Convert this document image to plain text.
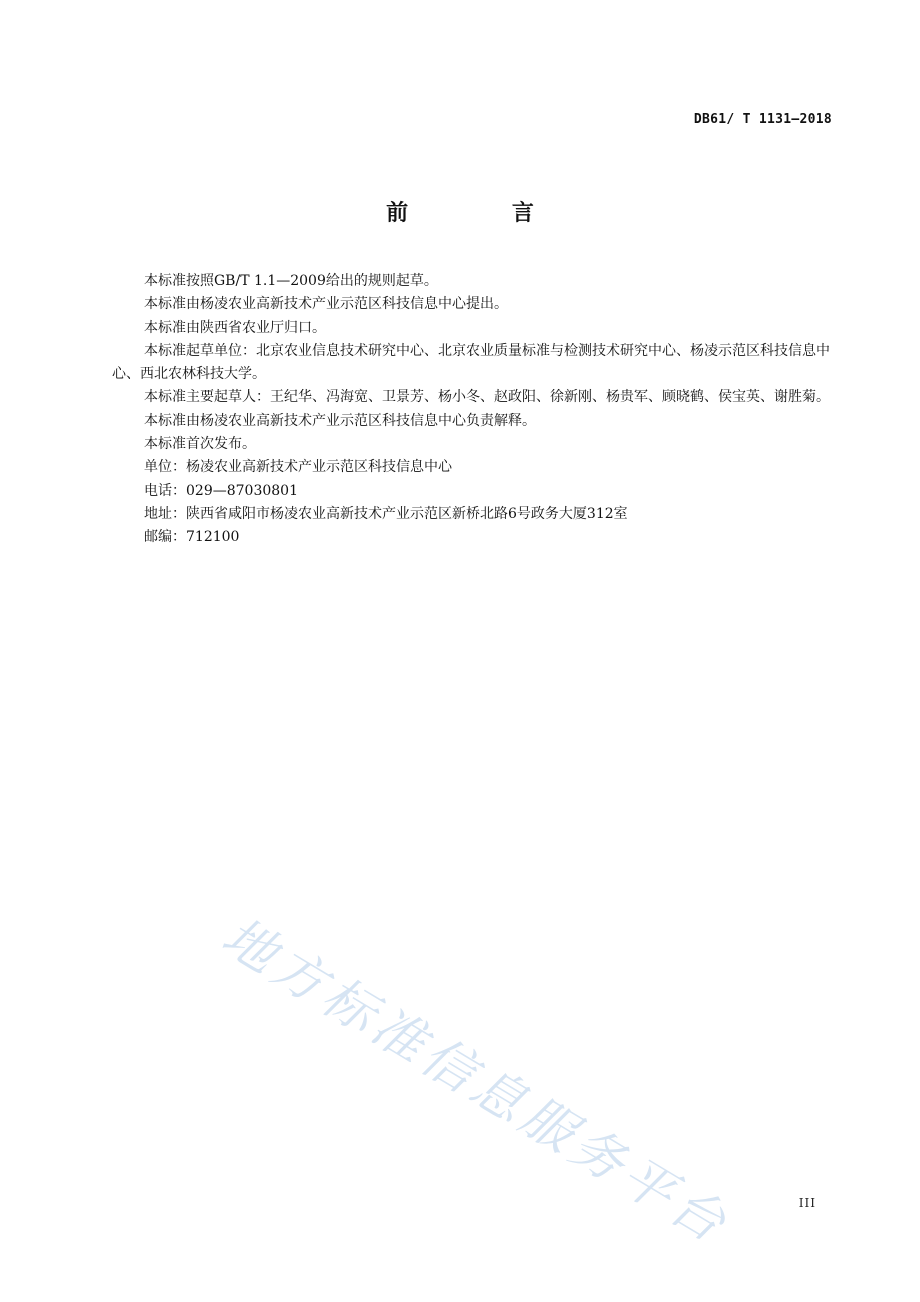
DB61/ T 1131—2018
前 言

本标准按照GB/T 1.1—2009给出的规则起草。

本标准由杨凌农业高新技术产业示范区科技信息中心提出。

本标准由陕西省农业厅归口。

本标准起草单位：北京农业信息技术研究中心、北京农业质量标准与检测技术研究中心、杨凌示范区科技信息中心、西北农林科技大学。

本标准主要起草人：王纪华、冯海宽、卫景芳、杨小冬、赵政阳、徐新刚、杨贵军、顾晓鹤、侯宝英、谢胜菊。

本标准由杨凌农业高新技术产业示范区科技信息中心负责解释。

本标准首次发布。

单位：杨凌农业高新技术产业示范区科技信息中心

电话：029—87030801

地址：陕西省咸阳市杨凌农业高新技术产业示范区新桥北路6号政务大厦312室

邮编：712100

地方标准信息服务平台	III
